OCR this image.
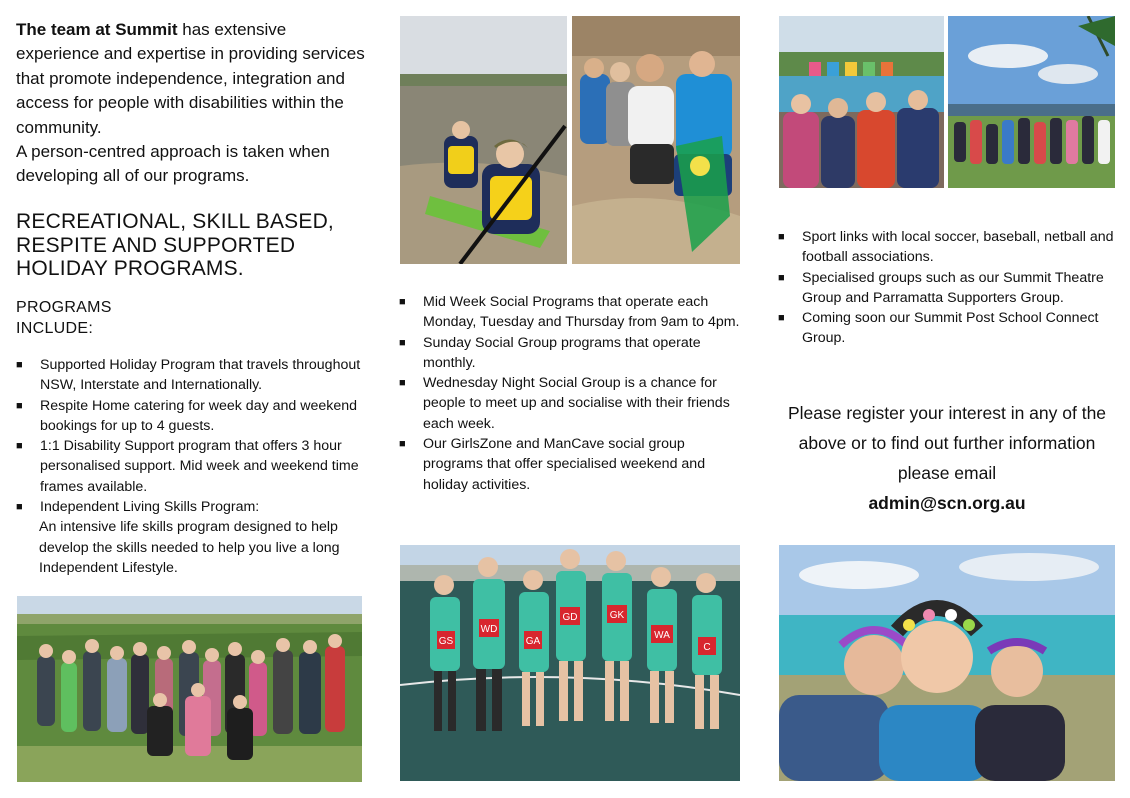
The team at Summit has extensive experience and expertise in providing services that promote independence, integration and access for people with disabilities within the community.
A person-centred approach is taken when developing all of our programs.

RECREATIONAL, SKILL BASED, RESPITE AND SUPPORTED HOLIDAY PROGRAMS.
PROGRAMS
INCLUDE:
■ Supported Holiday Program that travels throughout NSW, Interstate and Internationally.
■ Respite Home catering for week day and weekend bookings for up to 4 guests.
■ 1:1 Disability Support program that offers 3 hour personalised support. Mid week and weekend time frames available.
■ Independent Living Skills Program:
An intensive life skills program designed to help develop the skills needed to help you live a long Independent Lifestyle.
■ Mid Week Social Programs that operate each Monday, Tuesday and Thursday from 9am to 4pm.
■ Sunday Social Group programs that operate monthly.
■ Wednesday Night Social Group is a chance for people to meet up and socialise with their friends each week.
■ Our GirlsZone and ManCave social group programs that offer specialised weekend and holiday activities.
GS
WD
GA
GD	GK
WA
C
■ Sport links with local soccer, baseball, netball and football associations.
■ Specialised groups such as our Summit Theatre Group and Parramatta Supporters Group.
■ Coming soon our Summit Post School Connect Group.

Please register your interest in any of the above or to find out further information please email
admin@scn.org.au
